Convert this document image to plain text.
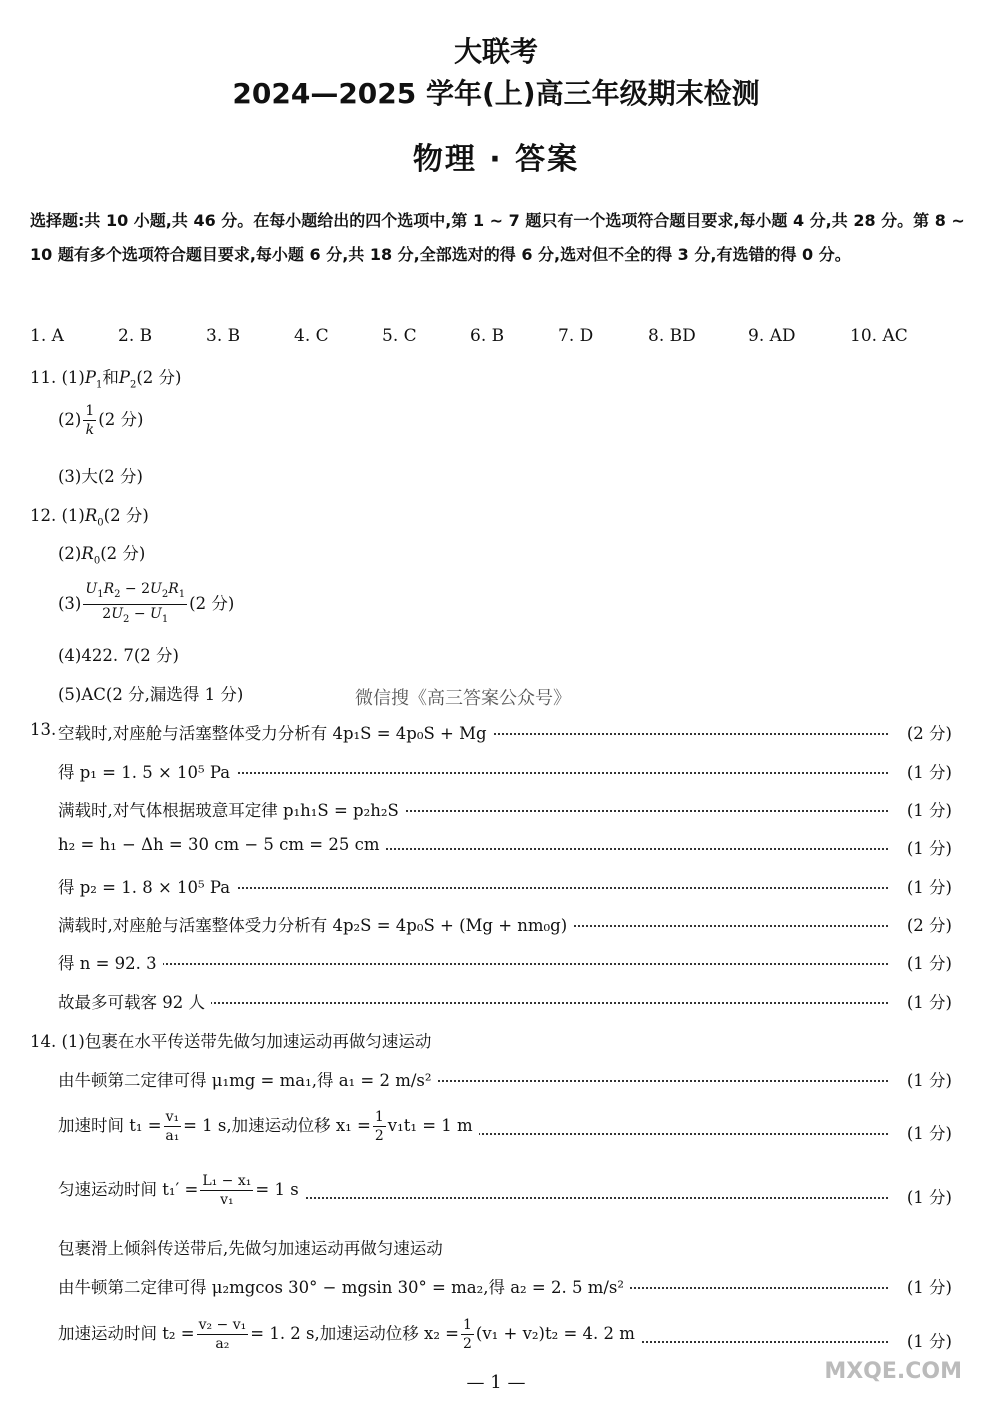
大联考
2024—2025 学年(上)高三年级期末检测
物理 · 答案
选择题:共 10 小题,共 46 分。在每小题给出的四个选项中,第 1 ~ 7 题只有一个选项符合题目要求,每小题 4 分,共 28 分。第 8 ~ 10 题有多个选项符合题目要求,每小题 6 分,共 18 分,全部选对的得 6 分,选对但不全的得 3 分,有选错的得 0 分。
1. A	2. B	3. B	4. C	5. C	6. B	7. D	8. BD	9. AD	10. AC
11. $(1)P_1$和$P_2(2$ 分)
$(2) \frac{1}{k} (2$ 分)
(3)大(2 分)
12. $(1)R_0(2$ 分)
$(2)R_0(2$ 分)
$(3) \frac{U_1R_2 - 2U_2R_1}{2U_2 - U_1} (2$ 分)
(4)422. 7(2 分)
(5)AC(2 分,漏选得 1 分)	微信搜《高三答案公众号》
13. 空载时,对座舱与活塞整体受力分析有 4p₁S = 4p₀S + Mg	(2 分)
得 p₁ = 1. 5 × 10⁵ Pa	(1 分)
满载时,对气体根据玻意耳定律 p₁h₁S = p₂h₂S	(1 分)
h₂ = h₁ − Δh = 30 cm − 5 cm = 25 cm	(1 分)
得 p₂ = 1. 8 × 10⁵ Pa	(1 分)
满载时,对座舱与活塞整体受力分析有 4p₂S = 4p₀S + (Mg + nm₀g)	(2 分)
得 n = 92. 3	(1 分)
故最多可载客 92 人	(1 分)
14. (1)包裹在水平传送带先做匀加速运动再做匀速运动
由牛顿第二定律可得 μ₁mg = ma₁,得 a₁ = 2 m/s²	(1 分)
加速时间 $t_1 = \frac{\text{v₁}}{\text{a₁}} = 1$ s,加速运动位移 $x_1 = \frac{1}{2} v_1t_1 = 1$ m	(1 分)
匀速运动时间 $t_1' = \frac{\text{L₁ − x₁}}{\text{v₁}} = 1$ s	(1 分)
包裹滑上倾斜传送带后,先做匀加速运动再做匀速运动
由牛顿第二定律可得 μ₂mgcos 30° − mgsin 30° = ma₂,得 a₂ = 2. 5 m/s²	(1 分)
加速运动时间 $t_2 = \frac{\text{v₂ − v₁}}{\text{a₂}} = 1$. 2 s,加速运动位移 $x_2 = \frac{1}{2} (v_1 + v_2)t_2 = 4$. 2 m	(1 分)
— 1 —	MXQE.COM
